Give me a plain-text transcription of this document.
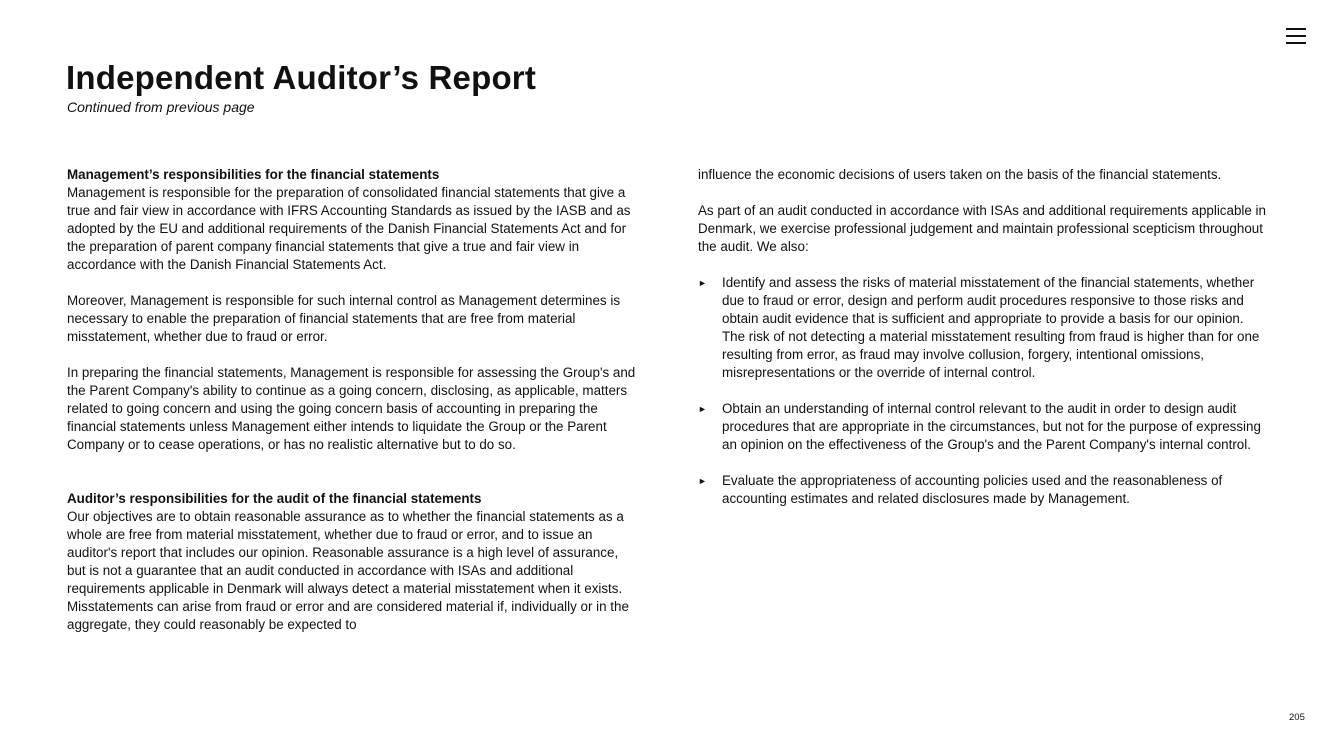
Independent Auditor’s Report
Continued from previous page
Management’s responsibilities for the financial statements

Management is responsible for the preparation of consolidated financial statements that give a true and fair view in accordance with IFRS Accounting Standards as issued by the IASB and as adopted by the EU and additional requirements of the Danish Financial Statements Act and for the preparation of parent company financial statements that give a true and fair view in accordance with the Danish Financial Statements Act.

Moreover, Management is responsible for such internal control as Management determines is necessary to enable the preparation of financial statements that are free from material misstatement, whether due to fraud or error.

In preparing the financial statements, Management is responsible for assessing the Group's and the Parent Company's ability to continue as a going concern, disclosing, as applicable, matters related to going concern and using the going concern basis of accounting in preparing the financial statements unless Management either intends to liquidate the Group or the Parent Company or to cease operations, or has no realistic alternative but to do so.

Auditor’s responsibilities for the audit of the financial statements

Our objectives are to obtain reasonable assurance as to whether the financial statements as a whole are free from material misstatement, whether due to fraud or error, and to issue an auditor's report that includes our opinion. Reasonable assurance is a high level of assurance, but is not a guarantee that an audit conducted in accordance with ISAs and additional requirements applicable in Denmark will always detect a material misstatement when it exists. Misstatements can arise from fraud or error and are considered material if, individually or in the aggregate, they could reasonably be expected to

influence the economic decisions of users taken on the basis of the financial statements.

As part of an audit conducted in accordance with ISAs and additional requirements applicable in Denmark, we exercise professional judgement and maintain professional scepticism throughout the audit. We also:

► Identify and assess the risks of material misstatement of the financial statements, whether due to fraud or error, design and perform audit procedures responsive to those risks and obtain audit evidence that is sufficient and appropriate to provide a basis for our opinion. The risk of not detecting a material misstatement resulting from fraud is higher than for one resulting from error, as fraud may involve collusion, forgery, intentional omissions, misrepresentations or the override of internal control.
► Obtain an understanding of internal control relevant to the audit in order to design audit procedures that are appropriate in the circumstances, but not for the purpose of expressing an opinion on the effectiveness of the Group's and the Parent Company's internal control.
► Evaluate the appropriateness of accounting policies used and the reasonableness of accounting estimates and related disclosures made by Management.
205
